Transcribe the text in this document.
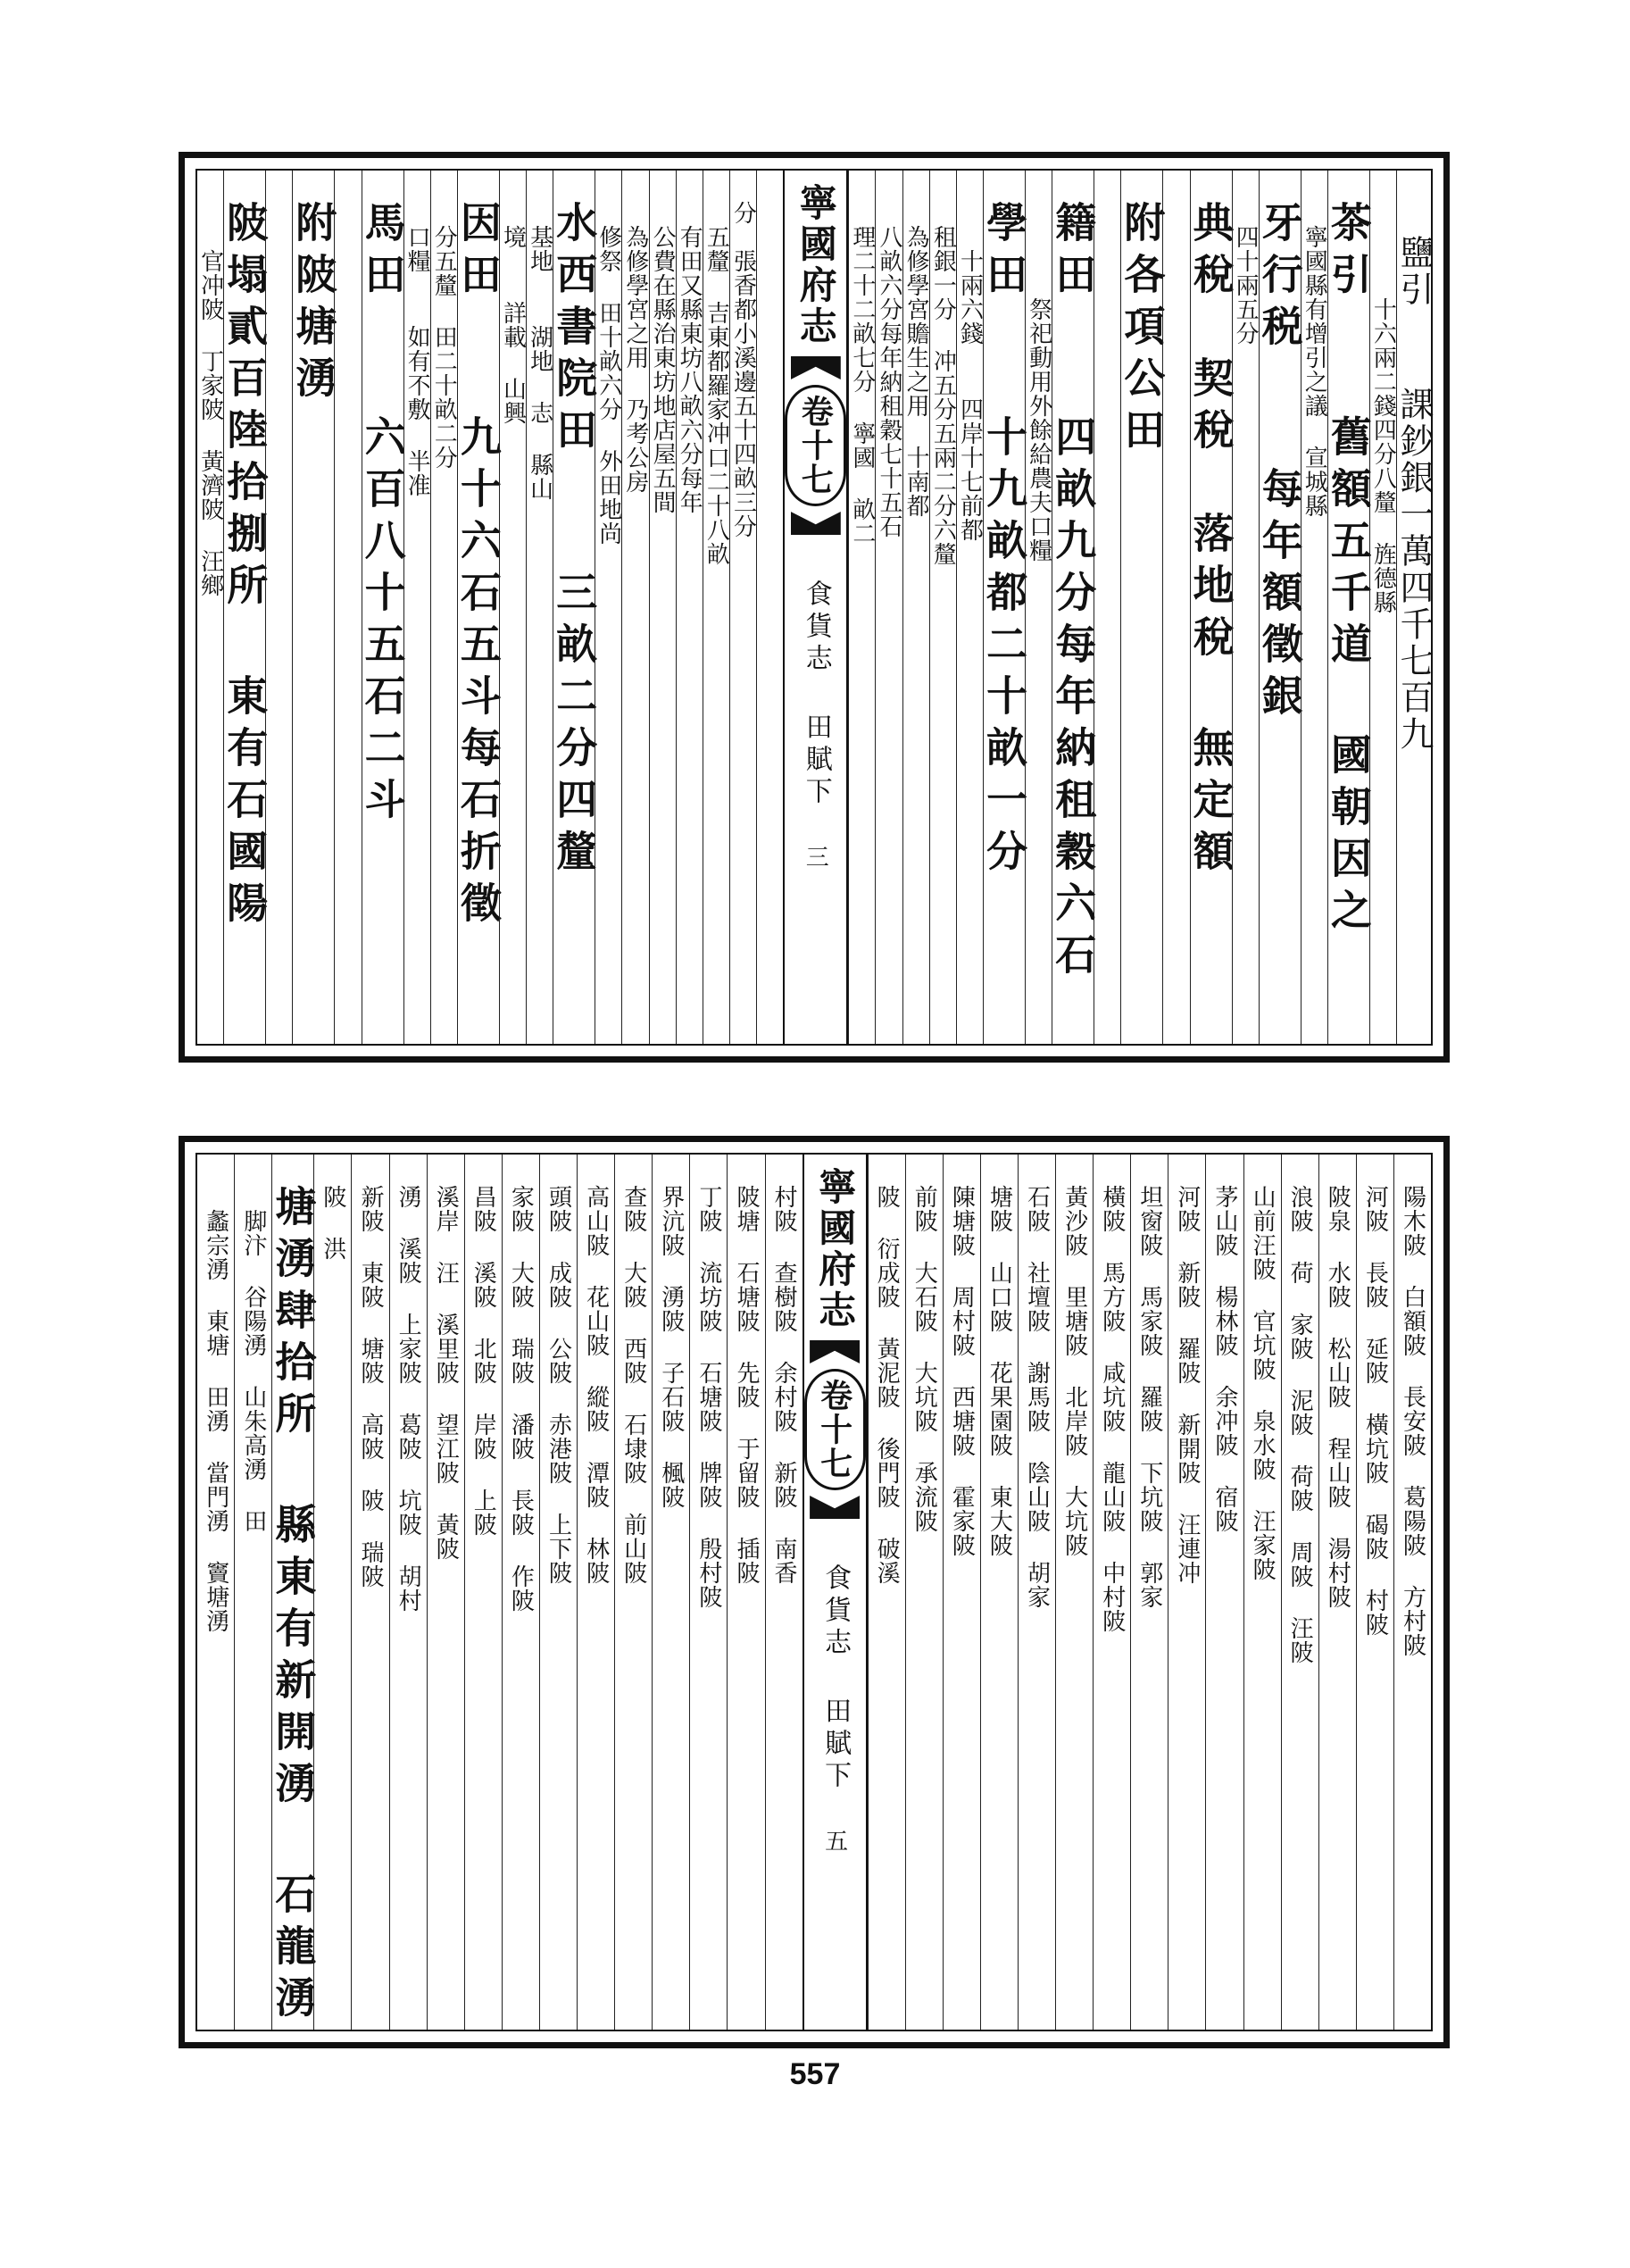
鹽引 　課鈔銀一萬四千七百九
　　　　十六兩二錢四分八釐 旌德縣
茶引 　舊額五千道 國朝因之
　寧國縣有增引之議 宣城縣
牙行税 　每年額徵銀
　四十兩五分
典稅　契稅　落地稅 無定額
附各項公田
籍田 　四畝九分每年納租穀六石
　　　　祭祀動用外餘給農夫口糧
學田 　十九畝都二十畝一分
　　十兩六錢 　四岸十七前都
　租銀一分 冲五分五兩二分六釐
　為修學宮贍生之用 十南都
　八畝六分每年納租穀七十五石
　理二十二畝七分 寧國 畝二
寧國府志
卷十七
食貨志 田賦下
三
分　張香都小溪邊五十四畝三分
　五釐 吉東都羅家冲口二十八畝
　有田又縣東坊八畝六分每年
　公費在縣治東坊地店屋五間
　為修學宮之用 乃考公房
　修祭 田十畝六分 外田地尚
水西書院田 　三畝二分四釐
　基地 　湖地 志 縣山
　境 　詳載 山興
因田 　九十六石五斗每石折徵
　分五釐 田二十畝二分
　口糧 　如有不敷 半准
馬田 　六百八十五石二斗
附陂塘湧
陂塌貳百陸拾捌所 東有石國陽
　　官冲陂 丁家陂 黃濟陂 汪鄉
陽木陂 白額陂 長安陂 葛陽陂 方村陂
河陂 長陂 延陂 橫坑陂 碣陂 村陂
陂泉 水陂 松山陂 程山陂 湯村陂
浪陂 荷 家陂 泥陂 荷陂 周陂 汪陂
山前汪陂 官坑陂 泉水陂 汪家陂
茅山陂 楊林陂 余冲陂 宿陂
河陂 新陂 羅陂 新開陂 汪連冲
坦窗陂 馬家陂 羅陂 下坑陂 郭家
橫陂 馬方陂 咸坑陂 龍山陂 中村陂
黃沙陂 里塘陂 北岸陂 大坑陂
石陂 社壇陂 謝馬陂 陰山陂 胡家
塘陂 山口陂 花果園陂 東大陂
陳塘陂 周村陂 西塘陂 霍家陂
前陂 大石陂 大坑陂 承流陂
陂 衍成陂 黃泥陂 後門陂 破溪
寧國府志
卷十七
食貨志 田賦下
五
村陂 查樹陂 余村陂 新陂 南香
陂塘 石塘陂 先陂 于留陂 插陂
丁陂 流坊陂 石塘陂 牌陂 殷村陂
界沆陂 湧陂 子石陂 楓陂
查陂 大陂 西陂 石埭陂 前山陂
高山陂 花山陂 縱陂 潭陂 林陂
頭陂 成陂 公陂 赤港陂 上下陂
家陂 大陂 瑞陂 潘陂 長陂 作陂
昌陂 溪陂 北陂 岸陂 上陂
溪岸 汪 溪里陂 望江陂 黃陂
湧 溪陂 上家陂 葛陂 坑陂 胡村
新陂 東陂 塘陂 高陂 陂 瑞陂
陂 洪
塘湧肆拾所 縣東有新開湧 石龍湧
　脚汴 谷陽湧 山朱高湧 田
　蠡宗湧 東塘 田湧 當門湧 竇塘湧
557
